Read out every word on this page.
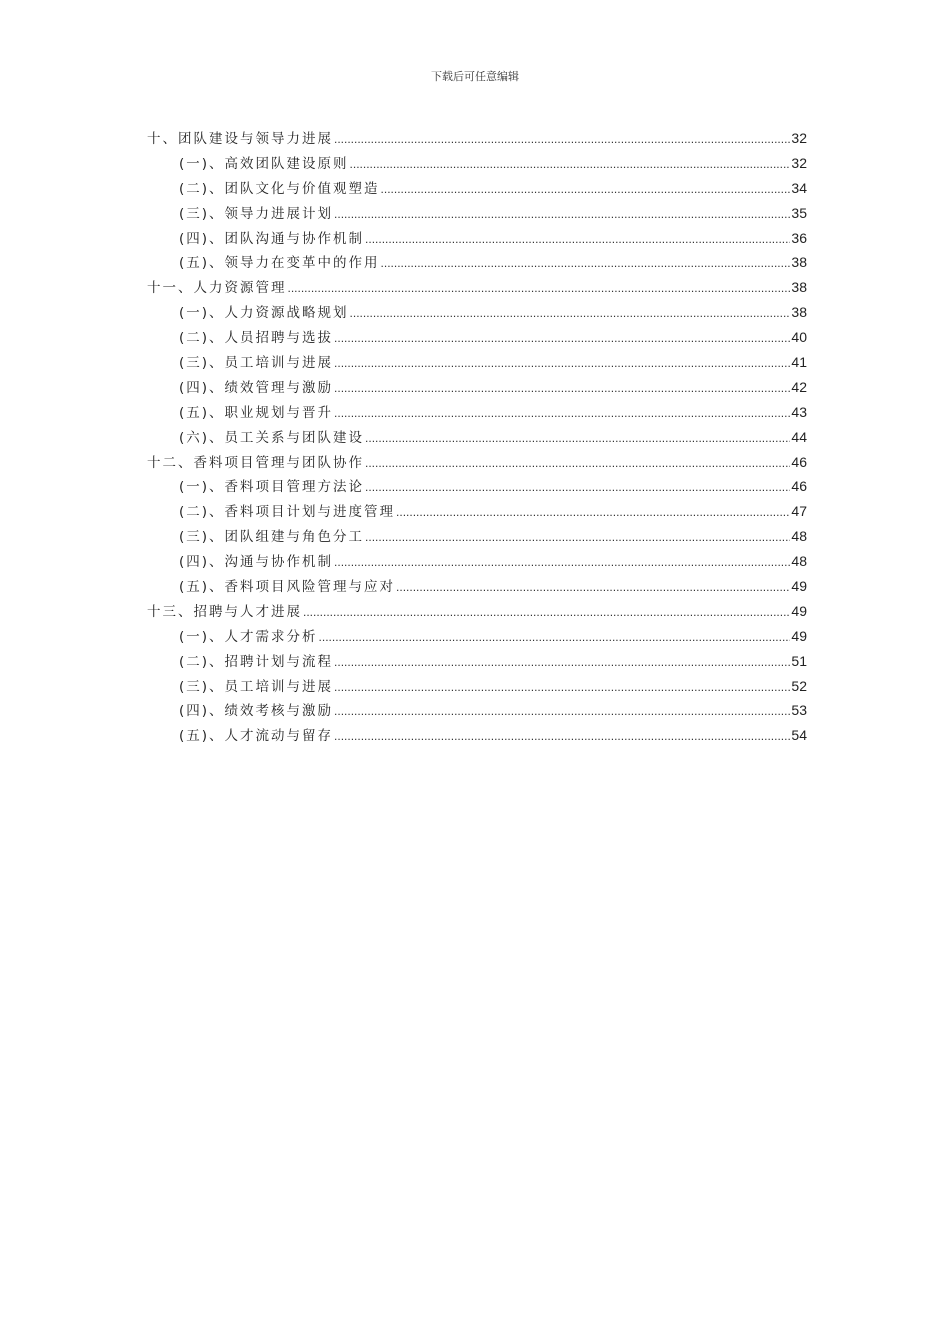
下载后可任意编辑
十、团队建设与领导力进展 .....	32
(一)、高效团队建设原则 .....	32
(二)、团队文化与价值观塑造 .....	34
(三)、领导力进展计划 .....	35
(四)、团队沟通与协作机制 .....	36
(五)、领导力在变革中的作用 .....	38
十一、人力资源管理 .....	38
(一)、人力资源战略规划 .....	38
(二)、人员招聘与选拔 .....	40
(三)、员工培训与进展 .....	41
(四)、绩效管理与激励 .....	42
(五)、职业规划与晋升 .....	43
(六)、员工关系与团队建设 .....	44
十二、香料项目管理与团队协作 .....	46
(一)、香料项目管理方法论 .....	46
(二)、香料项目计划与进度管理 .....	47
(三)、团队组建与角色分工 .....	48
(四)、沟通与协作机制 .....	48
(五)、香料项目风险管理与应对 .....	49
十三、招聘与人才进展 .....	49
(一)、人才需求分析 .....	49
(二)、招聘计划与流程 .....	51
(三)、员工培训与进展 .....	52
(四)、绩效考核与激励 .....	53
(五)、人才流动与留存 .....	54
